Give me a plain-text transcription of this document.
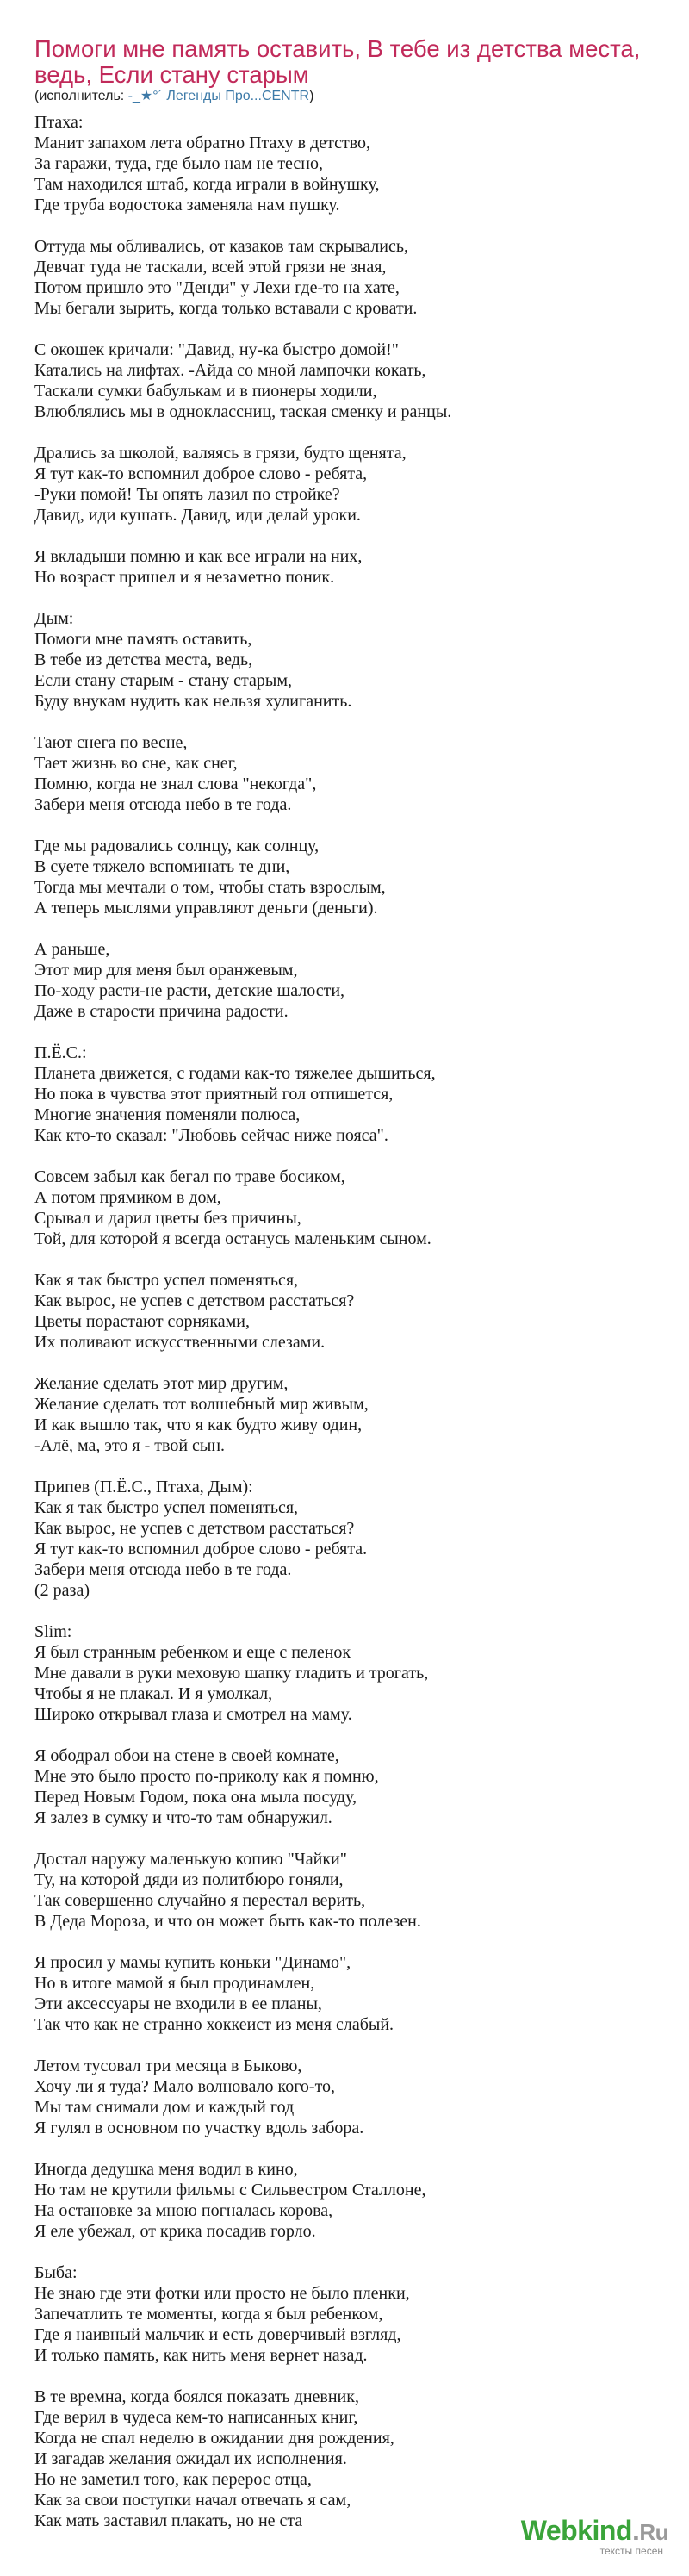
Помоги мне память оставить, В тебе из детства места, ведь, Если стану старым
(исполнитель: -_★°´ Легенды Про...CENTR)
Птаха:
Манит запахом лета обратно Птаху в детство,
За гаражи, туда, где было нам не тесно,
Там находился штаб, когда играли в войнушку,
Где труба водостока заменяла нам пушку.
Оттуда мы обливались, от казаков там скрывались,
Девчат туда не таскали, всей этой грязи не зная,
Потом пришло это "Денди" у Лехи где-то на хате,
Мы бегали зырить, когда только вставали с кровати.
С окошек кричали: "Давид, ну-ка быстро домой!"
Катались на лифтах. -Айда со мной лампочки кокать,
Таскали сумки бабулькам и в пионеры ходили,
Влюблялись мы в одноклассниц, таская сменку и ранцы.
Дрались за школой, валяясь в грязи, будто щенята,
Я тут как-то вспомнил доброе слово - ребята,
-Руки помой! Ты опять лазил по стройке?
Давид, иди кушать. Давид, иди делай уроки.
Я вкладыши помню и как все играли на них,
Но возраст пришел и я незаметно поник.
Дым:
Помоги мне память оставить,
В тебе из детства места, ведь,
Если стану старым - стану старым,
Буду внукам нудить как нельзя хулиганить.
Тают снега по весне,
Тает жизнь во сне, как снег,
Помню, когда не знал слова "некогда",
Забери меня отсюда небо в те года.
Где мы радовались солнцу, как солнцу,
В суете тяжело вспоминать те дни,
Тогда мы мечтали о том, чтобы стать взрослым,
А теперь мыслями управляют деньги (деньги).
А раньше,
Этот мир для меня был оранжевым,
По-ходу расти-не расти, детские шалости,
Даже в старости причина радости.
П.Ё.С.:
Планета движется, с годами как-то тяжелее дышиться,
Но пока в чувства этот приятный гол отпишется,
Многие значения поменяли полюса,
Как кто-то сказал: "Любовь сейчас ниже пояса".
Совсем забыл как бегал по траве босиком,
А потом прямиком в дом,
Срывал и дарил цветы без причины,
Той, для которой я всегда останусь маленьким сыном.
Как я так быстро успел поменяться,
Как вырос, не успев с детством расстаться?
Цветы порастают сорняками,
Их поливают искусственными слезами.
Желание сделать этот мир другим,
Желание сделать тот волшебный мир живым,
И как вышло так, что я как будто живу один,
-Алё, ма, это я - твой сын.
Припев (П.Ё.С., Птаха, Дым):
Как я так быстро успел поменяться,
Как вырос, не успев с детством расстаться?
Я тут как-то вспомнил доброе слово - ребята.
Забери меня отсюда небо в те года.
(2 раза)
Slim:
Я был странным ребенком и еще с пеленок
Мне давали в руки меховую шапку гладить и трогать,
Чтобы я не плакал. И я умолкал,
Широко открывал глаза и смотрел на маму.
Я ободрал обои на стене в своей комнате,
Мне это было просто по-приколу как я помню,
Перед Новым Годом, пока она мыла посуду,
Я залез в сумку и что-то там обнаружил.
Достал наружу маленькую копию "Чайки"
Ту, на которой дяди из политбюро гоняли,
Так совершенно случайно я перестал верить,
В Деда Мороза, и что он может быть как-то полезен.
Я просил у мамы купить коньки "Динамо",
Но в итоге мамой я был продинамлен,
Эти аксессуары не входили в ее планы,
Так что как не странно хоккеист из меня слабый.
Летом тусовал три месяца в Быково,
Хочу ли я туда? Мало волновало кого-то,
Мы там снимали дом и каждый год
Я гулял в основном по участку вдоль забора.
Иногда дедушка меня водил в кино,
Но там не крутили фильмы с Сильвестром Сталлоне,
На остановке за мною погналась корова,
Я еле убежал, от крика посадив горло.
Быба:
Не знаю где эти фотки или просто не было пленки,
Запечатлить те моменты, когда я был ребенком,
Где я наивный мальчик и есть доверчивый взгляд,
И только память, как нить меня вернет назад.
В те времна, когда боялся показать дневник,
Где верил в чудеса кем-то написанных книг,
Когда не спал неделю в ожидании дня рождения,
И загадав желания ожидал их исполнения.
Но не заметил того, как перерос отца,
Как за свои поступки начал отвечать я сам,
Как мать заставил плакать, но не ста	Webkind.Ru
тексты песен
